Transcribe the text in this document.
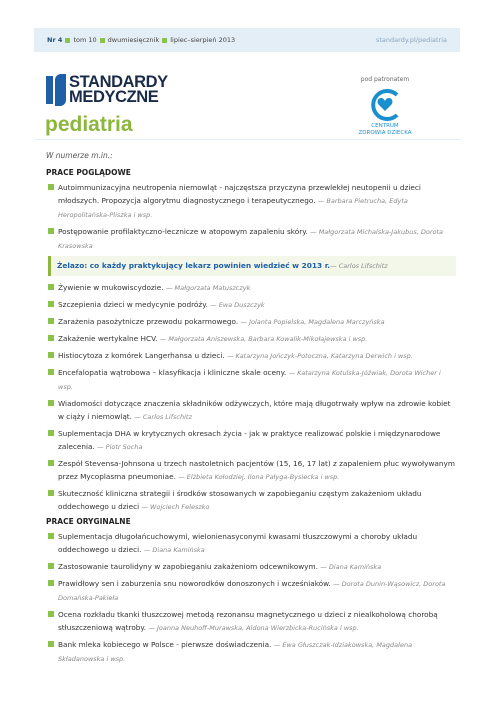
Nr 4 tom 10 dwumiesięcznik lipiec–sierpień 2013	standardy.pl/pediatria
STANDARDY
MEDYCZNE
pediatria
pod patronatem
CENTRUM
ZDROWIA DZIECKA
W numerze m.in.:
PRACE POGLĄDOWE
Autoimmunizacyjna neutropenia niemowląt - najczęstsza przyczyna przewlekłej neutopenii u dzieci młodszych. Propozycja algorytmu diagnostycznego i terapeutycznego. — Barbara Pietrucha, Edyta Heropolitańska-Pliszka i wsp.
Postępowanie profilaktyczno-lecznicze w atopowym zapaleniu skóry. — Małgorzata Michalska-Jakubus, Dorota Krasowska
Żelazo: co każdy praktykujący lekarz powinien wiedzieć w 2013 r.— Carlos Lifschitz
Żywienie w mukowiscydozie. — Małgorzata Matuszczyk
Szczepienia dzieci w medycynie podróży. — Ewa Duszczyk
Zarażenia pasożytnicze przewodu pokarmowego. — Jolanta Popielska, Magdalena Marczyńska
Zakażenie wertykalne HCV. — Małgorzata Aniszewska, Barbara Kowalik-Mikołajewska i wsp.
Histiocytoza z komórek Langerhansa u dzieci. — Katarzyna Jończyk-Potoczna, Katarzyna Derwich i wsp.
Encefalopatia wątrobowa – klasyfikacja i kliniczne skale oceny. — Katarzyna Kotulska-Jóźwiak, Dorota Wicher i wsp.
Wiadomości dotyczące znaczenia składników odżywczych, które mają długotrwały wpływ na zdrowie kobiet w ciąży i niemowląt. — Carlos Lifschitz
Suplementacja DHA w krytycznych okresach życia - jak w praktyce realizować polskie i międzynarodowe zalecenia. — Piotr Socha
Zespół Stevensa-Johnsona u trzech nastoletnich pacjentów (15, 16, 17 lat) z zapaleniem płuc wywoływanym przez Mycoplasma pneumoniae. — Elżbieta Kołodziej, Ilona Pałyga-Bysiecka i wsp.
Skuteczność kliniczna strategii i środków stosowanych w zapobieganiu częstym zakażeniom układu oddechowego u dzieci — Wojciech Feleszko
PRACE ORYGINALNE
Suplementacja długołańcuchowymi, wielonienasyconymi kwasami tłuszczowymi a choroby układu oddechowego u dzieci. — Diana Kamińska
Zastosowanie taurolidyny w zapobieganiu zakażeniom odcewnikowym. — Diana Kamińska
Prawidłowy sen i zaburzenia snu noworodków donoszonych i wcześniaków. — Dorota Dunin-Wąsowicz, Dorota Domańska-Pakieła
Ocena rozkładu tkanki tłuszczowej metodą rezonansu magnetycznego u dzieci z niealkoholową chorobą stłuszczeniową wątroby. — Joanna Neuhoff-Murawska, Aldona Wierzbicka-Rucińska i wsp.
Bank mleka kobiecego w Polsce - pierwsze doświadczenia. — Ewa Głuszczak-Idziakowska, Magdalena Składanowska i wsp.
